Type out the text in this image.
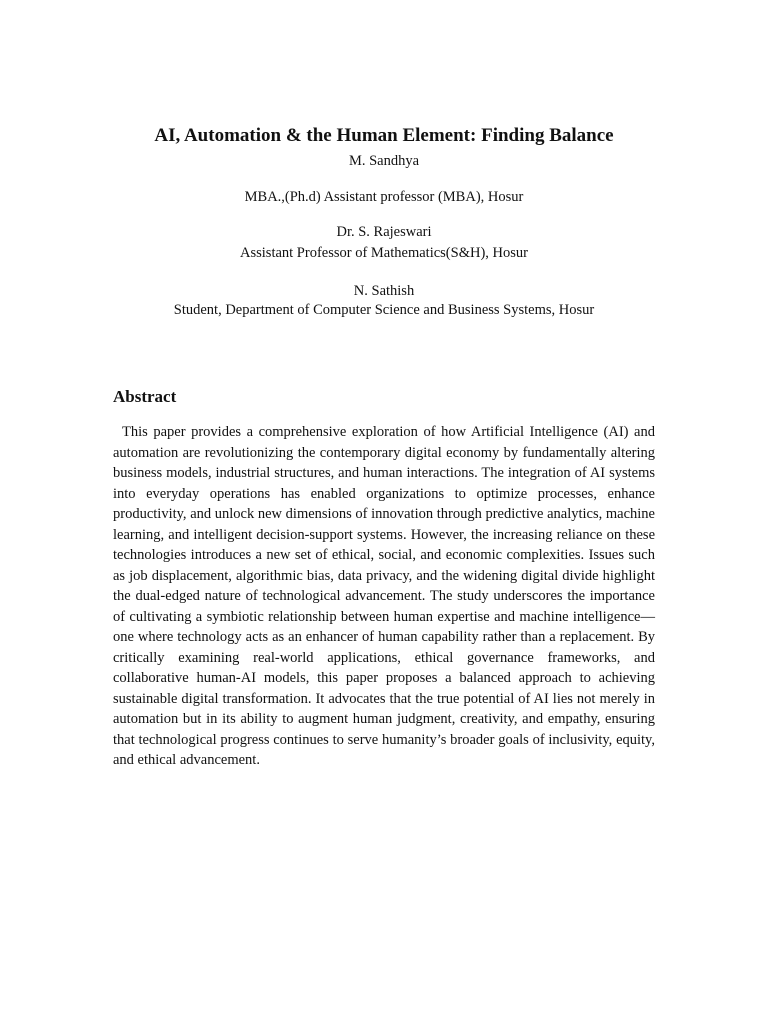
AI, Automation & the Human Element: Finding Balance
M. Sandhya
MBA.,(Ph.d) Assistant professor (MBA), Hosur
Dr. S. Rajeswari
Assistant Professor of Mathematics(S&H), Hosur
N. Sathish
Student, Department of Computer Science and Business Systems, Hosur
Abstract

This paper provides a comprehensive exploration of how Artificial Intelligence (AI) and automation are revolutionizing the contemporary digital economy by fundamentally altering business models, industrial structures, and human interactions. The integration of AI systems into everyday operations has enabled organizations to optimize processes, enhance productivity, and unlock new dimensions of innovation through predictive analytics, machine learning, and intelligent decision-support systems. However, the increasing reliance on these technologies introduces a new set of ethical, social, and economic complexities. Issues such as job displacement, algorithmic bias, data privacy, and the widening digital divide highlight the dual-edged nature of technological advancement. The study underscores the importance of cultivating a symbiotic relationship between human expertise and machine intelligence—one where technology acts as an enhancer of human capability rather than a replacement. By critically examining real-world applications, ethical governance frameworks, and collaborative human-AI models, this paper proposes a balanced approach to achieving sustainable digital transformation. It advocates that the true potential of AI lies not merely in automation but in its ability to augment human judgment, creativity, and empathy, ensuring that technological progress continues to serve humanity’s broader goals of inclusivity, equity, and ethical advancement.
